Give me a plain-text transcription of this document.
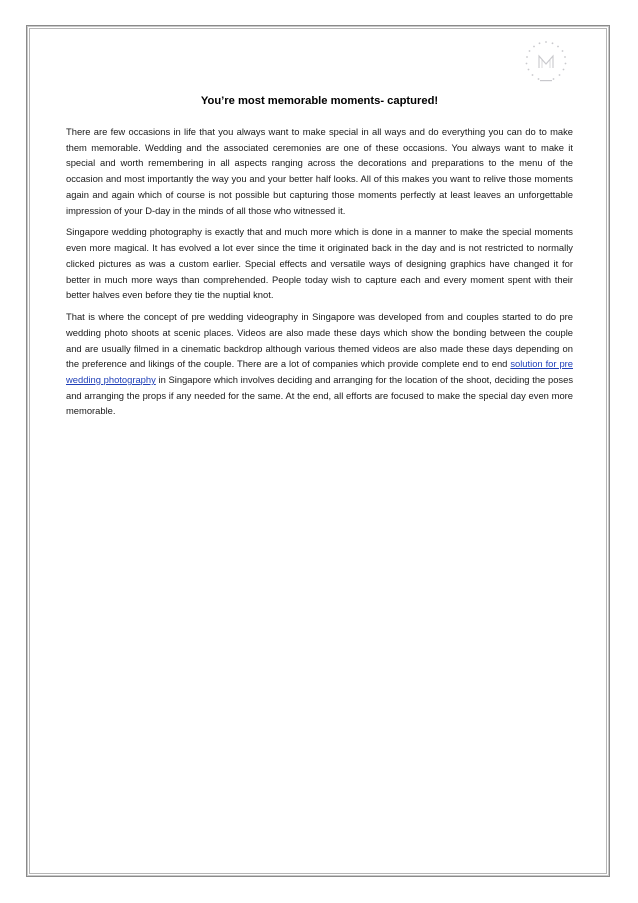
You’re most memorable moments- captured!

There are few occasions in life that you always want to make special in all ways and do everything you can do to make them memorable. Wedding and the associated ceremonies are one of these occasions. You always want to make it special and worth remembering in all aspects ranging across the decorations and preparations to the menu of the occasion and most importantly the way you and your better half looks. All of this makes you want to relive those moments again and again which of course is not possible but capturing those moments perfectly at least leaves an unforgettable impression of your D-day in the minds of all those who witnessed it.

Singapore wedding photography is exactly that and much more which is done in a manner to make the special moments even more magical. It has evolved a lot ever since the time it originated back in the day and is not restricted to normally clicked pictures as was a custom earlier. Special effects and versatile ways of designing graphics have changed it for better in much more ways than comprehended. People today wish to capture each and every moment spent with their better halves even before they tie the nuptial knot.

That is where the concept of pre wedding videography in Singapore was developed from and couples started to do pre wedding photo shoots at scenic places. Videos are also made these days which show the bonding between the couple and are usually filmed in a cinematic backdrop although various themed videos are also made these days depending on the preference and likings of the couple. There are a lot of companies which provide complete end to end solution for pre wedding photography in Singapore which involves deciding and arranging for the location of the shoot, deciding the poses and arranging the props if any needed for the same. At the end, all efforts are focused to make the special day even more memorable.
